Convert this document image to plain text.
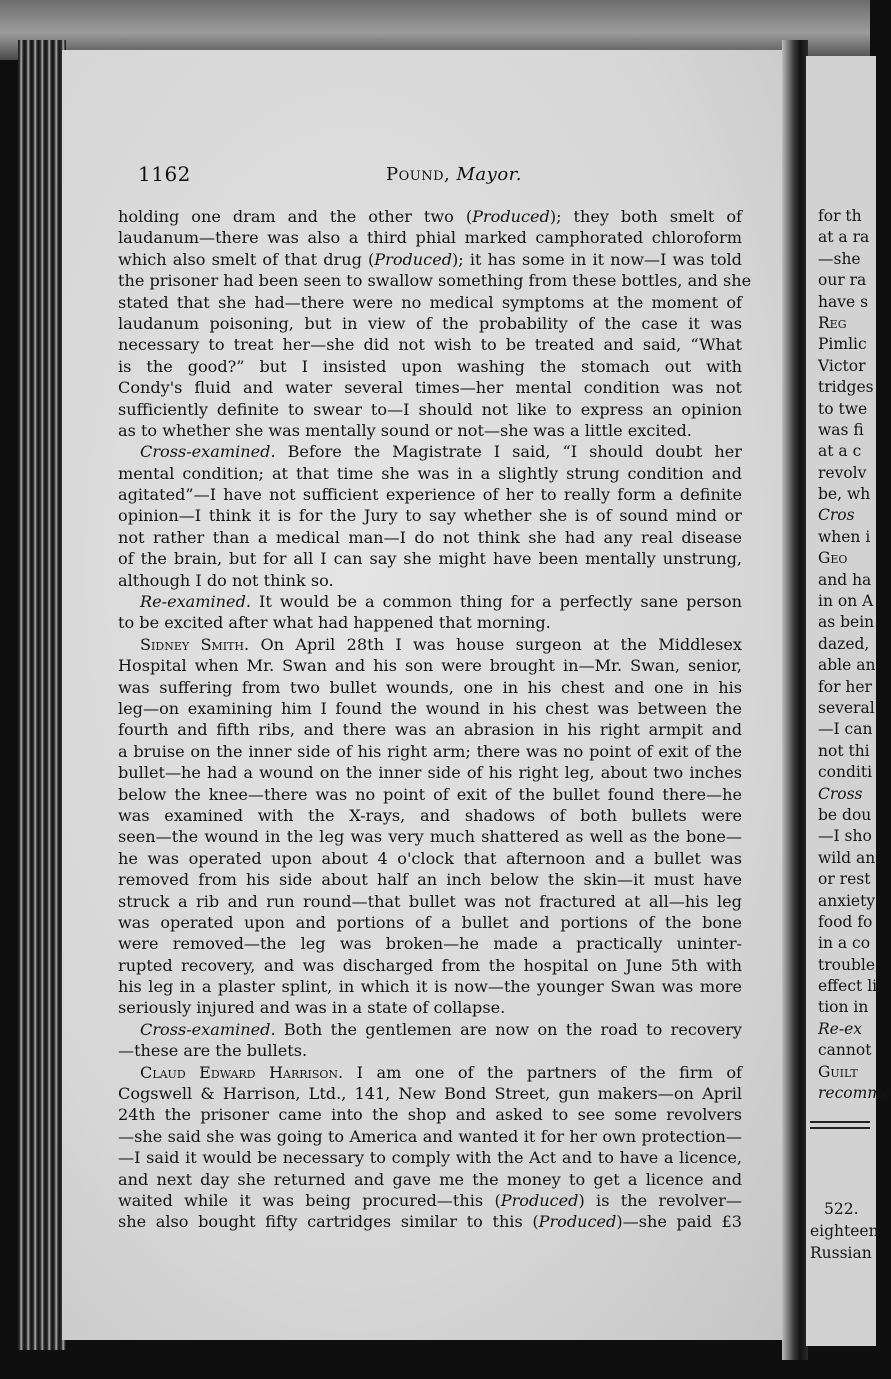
1162	Pound, Mayor.
holding one dram and the other two (Produced); they both smelt of
laudanum—there was also a third phial marked camphorated chloroform
which also smelt of that drug (Produced); it has some in it now—I was told
the prisoner had been seen to swallow something from these bottles, and she
stated that she had—there were no medical symptoms at the moment of
laudanum poisoning, but in view of the probability of the case it was
necessary to treat her—she did not wish to be treated and said, “What
is the good?” but I insisted upon washing the stomach out with
Condy's fluid and water several times—her mental condition was not
sufficiently definite to swear to—I should not like to express an opinion
as to whether she was mentally sound or not—she was a little excited.
Cross-examined. Before the Magistrate I said, “I should doubt her
mental condition; at that time she was in a slightly strung condition and
agitated”—I have not sufficient experience of her to really form a definite
opinion—I think it is for the Jury to say whether she is of sound mind or
not rather than a medical man—I do not think she had any real disease
of the brain, but for all I can say she might have been mentally unstrung,
although I do not think so.
Re-examined. It would be a common thing for a perfectly sane person
to be excited after what had happened that morning.
Sidney Smith. On April 28th I was house surgeon at the Middlesex
Hospital when Mr. Swan and his son were brought in—Mr. Swan, senior,
was suffering from two bullet wounds, one in his chest and one in his
leg—on examining him I found the wound in his chest was between the
fourth and fifth ribs, and there was an abrasion in his right armpit and
a bruise on the inner side of his right arm; there was no point of exit of the
bullet—he had a wound on the inner side of his right leg, about two inches
below the knee—there was no point of exit of the bullet found there—he
was examined with the X-rays, and shadows of both bullets were
seen—the wound in the leg was very much shattered as well as the bone—
he was operated upon about 4 o'clock that afternoon and a bullet was
removed from his side about half an inch below the skin—it must have
struck a rib and run round—that bullet was not fractured at all—his leg
was operated upon and portions of a bullet and portions of the bone
were removed—the leg was broken—he made a practically uninter-
rupted recovery, and was discharged from the hospital on June 5th with
his leg in a plaster splint, in which it is now—the younger Swan was more
seriously injured and was in a state of collapse.
Cross-examined. Both the gentlemen are now on the road to recovery
—these are the bullets.
Claud Edward Harrison. I am one of the partners of the firm of
Cogswell & Harrison, Ltd., 141, New Bond Street, gun makers—on April
24th the prisoner came into the shop and asked to see some revolvers
—she said she was going to America and wanted it for her own protection—
—I said it would be necessary to comply with the Act and to have a licence,
and next day she returned and gave me the money to get a licence and
waited while it was being procured—this (Produced) is the revolver—
she also bought fifty cartridges similar to this (Produced)—she paid £3
for th
at a ra
—she
our ra
have s
Reg
Pimlic
Victor
tridges
to twe
was fi
at a c
revolv
be, wh
Cros
when i
Geo
and ha
in on A
as bein
dazed,
able an
for her
several
—I can
not thi
conditi
Cross
be dou
—I sho
wild an
or rest
anxiety
food fo
in a co
trouble,
effect li
tion in
Re-ex
cannot
Guilt
recomme
522.
eighteen
Russian
